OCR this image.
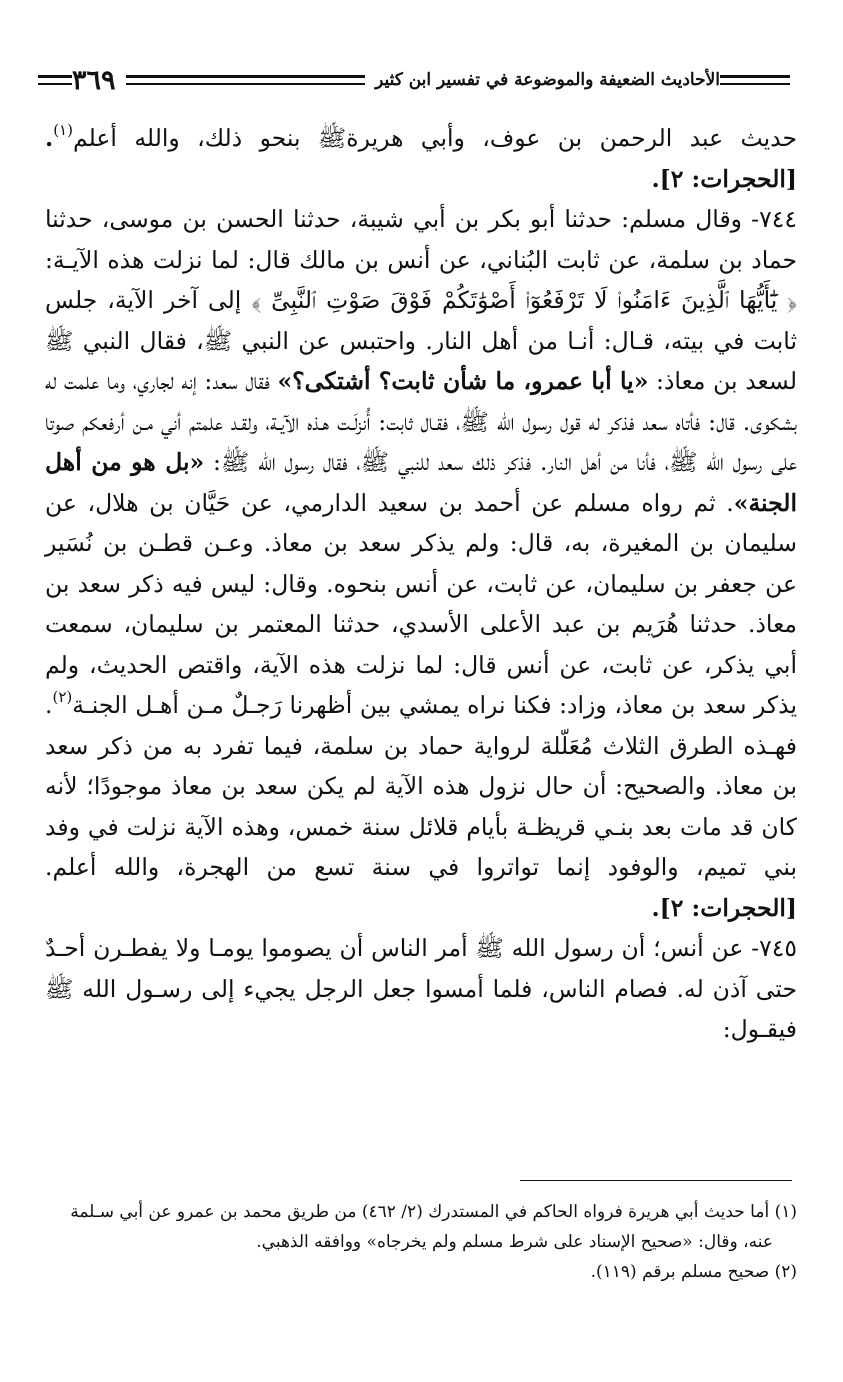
الأحاديث الضعيفة والموضوعة في تفسير ابن كثير
٣٦٩

حديث عبد الرحمن بن عوف، وأبي هريرةﷺ بنحو ذلك، والله أعلم$^{(١)}$. [الحجرات: ٢].

٧٤٤- وقال مسلم: حدثنا أبو بكر بن أبي شيبة، حدثنا الحسن بن موسى، حدثنا حماد بن سلمة، عن ثابت البُناني، عن أنس بن مالك قال: لما نزلت هذه الآيـة: ﴿ يَٰٓأَيُّهَا ٱلَّذِينَ ءَامَنُوا۟ لَا تَرْفَعُوٓا۟ أَصْوَٰتَكُمْ فَوْقَ صَوْتِ ٱلنَّبِىِّ ﴾ إلى آخر الآية، جلس ثابت في بيته، قـال: أنـا من أهل النار. واحتبس عن النبي ﷺ، فقال النبي ﷺ لسعد بن معاذ: «يا أبا عمرو، ما شأن ثابت؟ أشتكى؟» فقال سعد: إنه لجاري، وما علمت له بشكوى. قال: فأتاه سعد فذكر له قول رسول الله ﷺ، فقـال ثابت: أُنزلَـت هـذه الآيـة، ولقـد علمتم أني مـن أرفعكم صوتا على رسول الله ﷺ، فأنا من أهل النار. فذكر ذلك سعد للنبي ﷺ، فقال رسول الله ﷺ: «بل هو من أهل الجنة». ثم رواه مسلم عن أحمد بن سعيد الدارمي، عن حَيَّان بن هلال، عن سليمان بن المغيرة، به، قال: ولم يذكر سعد بن معاذ. وعـن قطـن بن نُسَير عن جعفر بن سليمان، عن ثابت، عن أنس بنحوه. وقال: ليس فيه ذكر سعد بن معاذ. حدثنا هُرَيم بن عبد الأعلى الأسدي، حدثنا المعتمر بن سليمان، سمعت أبي يذكر، عن ثابت، عن أنس قال: لما نزلت هذه الآية، واقتص الحديث، ولم يذكر سعد بن معاذ، وزاد: فكنا نراه يمشي بين أظهرنا رَجـلٌ مـن أهـل الجنـة$^{(٢)}$. فهـذه الطرق الثلاث مُعَلّلة لرواية حماد بن سلمة، فيما تفرد به من ذكر سعد بن معاذ. والصحيح: أن حال نزول هذه الآية لم يكن سعد بن معاذ موجودًا؛ لأنه كان قد مات بعد بنـي قريظـة بأيام قلائل سنة خمس، وهذه الآية نزلت في وفد بني تميم، والوفود إنما تواتروا في سنة تسع من الهجرة، والله أعلم. [الحجرات: ٢].

٧٤٥- عن أنس؛ أن رسول الله ﷺ أمر الناس أن يصوموا يومـا ولا يفطـرن أحـدٌ حتى آذن له. فصام الناس، فلما أمسوا جعل الرجل يجيء إلى رسـول الله ﷺ فيقـول:

(١) أما حديث أبي هريرة فرواه الحاكم في المستدرك (٢/ ٤٦٢) من طريق محمد بن عمرو عن أبي سـلمة

عنه، وقال: «صحيح الإسناد على شرط مسلم ولم يخرجاه» ووافقه الذهبي.

(٢) صحيح مسلم برقم (١١٩).
